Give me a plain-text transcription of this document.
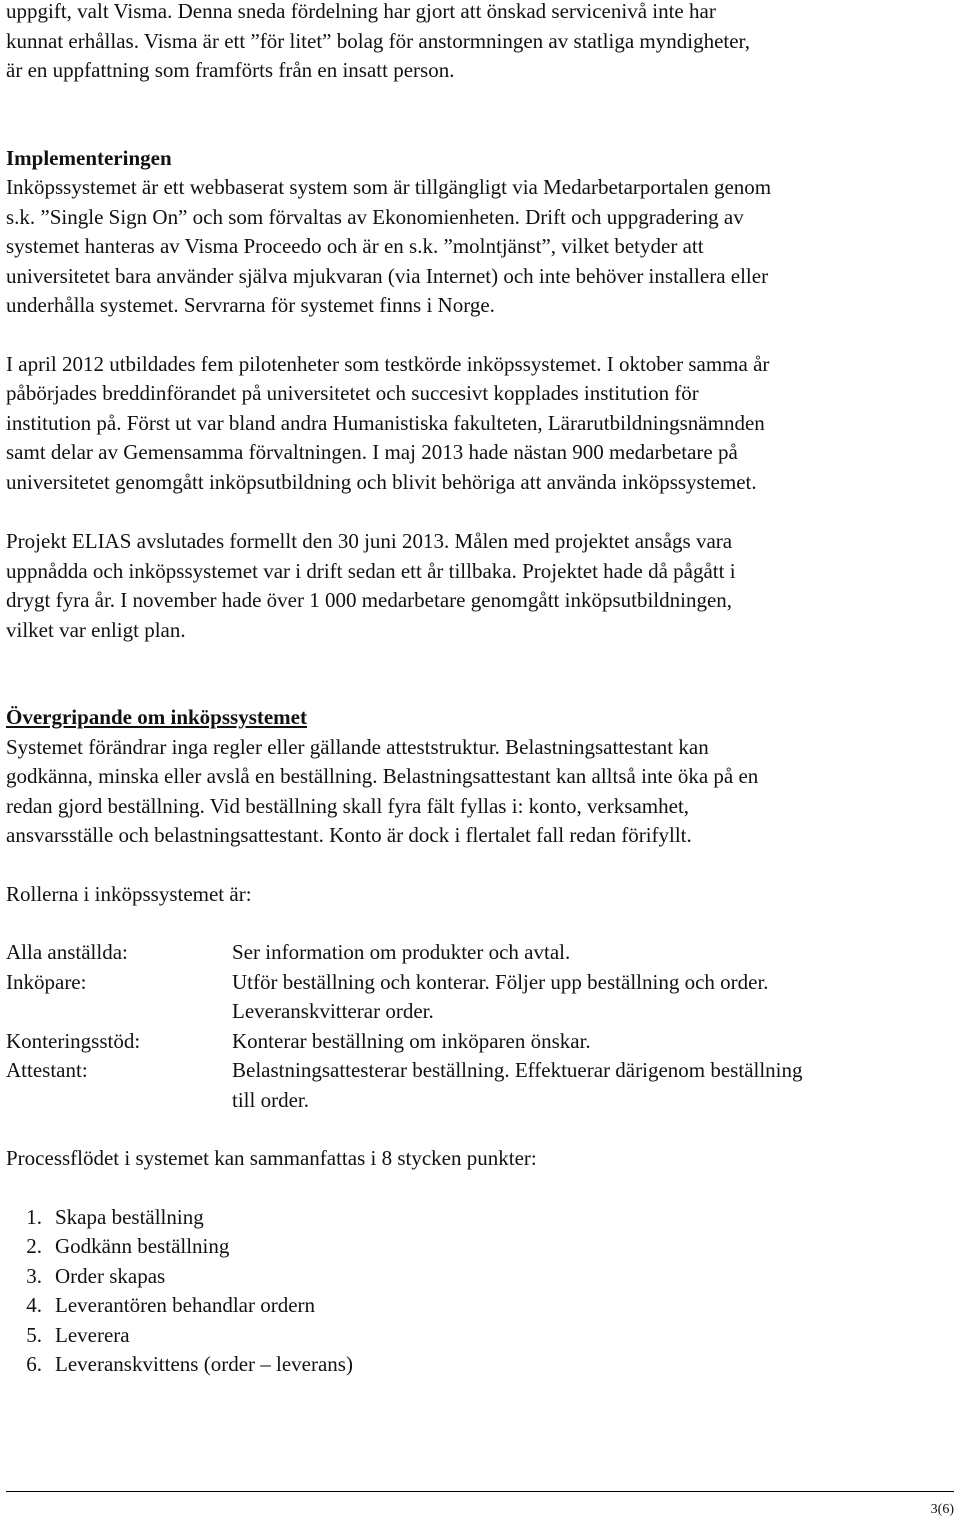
uppgift, valt Visma. Denna sneda fördelning har gjort att önskad servicenivå inte har

kunnat erhållas. Visma är ett ”för litet” bolag för anstormningen av statliga myndigheter,

är en uppfattning som framförts från en insatt person.

Implementeringen

Inköpssystemet är ett webbaserat system som är tillgängligt via Medarbetarportalen genom

s.k. ”Single Sign On” och som förvaltas av Ekonomienheten. Drift och uppgradering av

systemet hanteras av Visma Proceedo och är en s.k. ”molntjänst”, vilket betyder att

universitetet bara använder själva mjukvaran (via Internet) och inte behöver installera eller

underhålla systemet. Servrarna för systemet finns i Norge.

I april 2012 utbildades fem pilotenheter som testkörde inköpssystemet. I oktober samma år

påbörjades breddinförandet på universitetet och succesivt kopplades institution för

institution på. Först ut var bland andra Humanistiska fakulteten, Lärarutbildningsnämnden

samt delar av Gemensamma förvaltningen. I maj 2013 hade nästan 900 medarbetare på

universitetet genomgått inköpsutbildning och blivit behöriga att använda inköpssystemet.

Projekt ELIAS avslutades formellt den 30 juni 2013. Målen med projektet ansågs vara

uppnådda och inköpssystemet var i drift sedan ett år tillbaka. Projektet hade då pågått i

drygt fyra år. I november hade över 1 000 medarbetare genomgått inköpsutbildningen,

vilket var enligt plan.

Övergripande om inköpssystemet

Systemet förändrar inga regler eller gällande atteststruktur. Belastningsattestant kan

godkänna, minska eller avslå en beställning. Belastningsattestant kan alltså inte öka på en

redan gjord beställning. Vid beställning skall fyra fält fyllas i: konto, verksamhet,

ansvarsställe och belastningsattestant. Konto är dock i flertalet fall redan förifyllt.

Rollerna i inköpssystemet är:

Alla anställda:	Ser information om produkter och avtal.

Inköpare:	Utför beställning och konterar. Följer upp beställning och order.

Leveranskvitterar order.

Konteringsstöd:	Konterar beställning om inköparen önskar.

Attestant:	Belastningsattesterar beställning. Effektuerar därigenom beställning

till order.

Processflödet i systemet kan sammanfattas i 8 stycken punkter:

1. Skapa beställning
2. Godkänn beställning
3. Order skapas
4. Leverantören behandlar ordern
5. Leverera
6. Leveranskvittens (order – leverans)
3(6)
